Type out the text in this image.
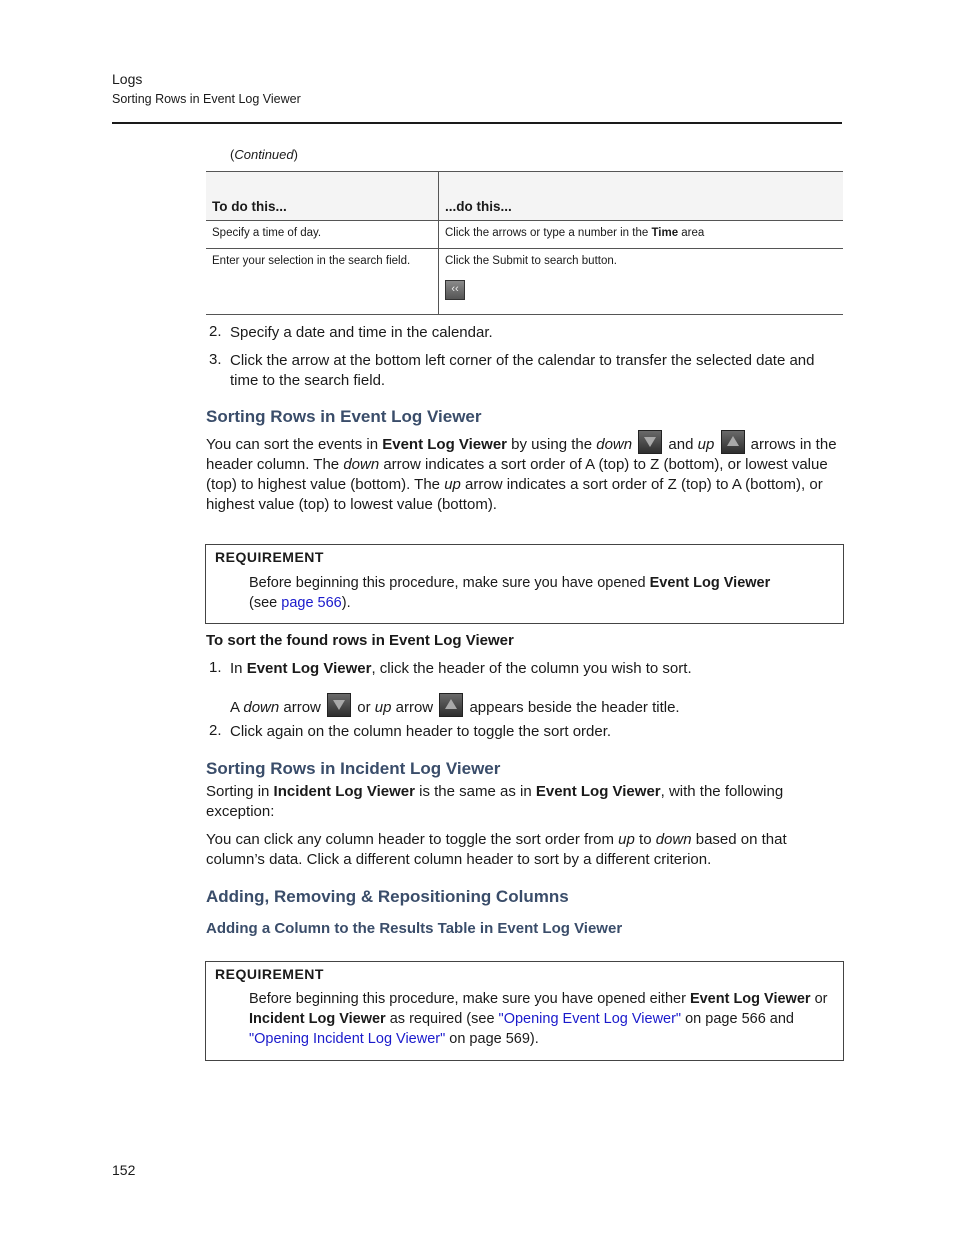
Logs
Sorting Rows in Event Log Viewer
(Continued)
To do this...	...do this...
Specify a time of day.	Click the arrows or type a number in the Time area
Enter your selection in the search field.	Click the Submit to search button.
‹‹
2. Specify a date and time in the calendar.
3. Click the arrow at the bottom left corner of the calendar to transfer the selected date and time to the search field.
Sorting Rows in Event Log Viewer
You can sort the events in Event Log Viewer by using the down  and up  arrows in the header column. The down arrow indicates a sort order of A (top) to Z (bottom), or lowest value (top) to highest value (bottom). The up arrow indicates a sort order of Z (top) to A (bottom), or highest value (top) to lowest value (bottom).
REQUIREMENT
Before beginning this procedure, make sure you have opened Event Log Viewer
(see page 566).
To sort the found rows in Event Log Viewer
1. In Event Log Viewer, click the header of the column you wish to sort.
A down arrow  or up arrow  appears beside the header title.
2. Click again on the column header to toggle the sort order.
Sorting Rows in Incident Log Viewer
Sorting in Incident Log Viewer is the same as in Event Log Viewer, with the following exception:
You can click any column header to toggle the sort order from up to down based on that column’s data. Click a different column header to sort by a different criterion.
Adding, Removing & Repositioning Columns
Adding a Column to the Results Table in Event Log Viewer
REQUIREMENT
Before beginning this procedure, make sure you have opened either Event Log Viewer or Incident Log Viewer as required (see "Opening Event Log Viewer" on page 566 and "Opening Incident Log Viewer" on page 569).
152
